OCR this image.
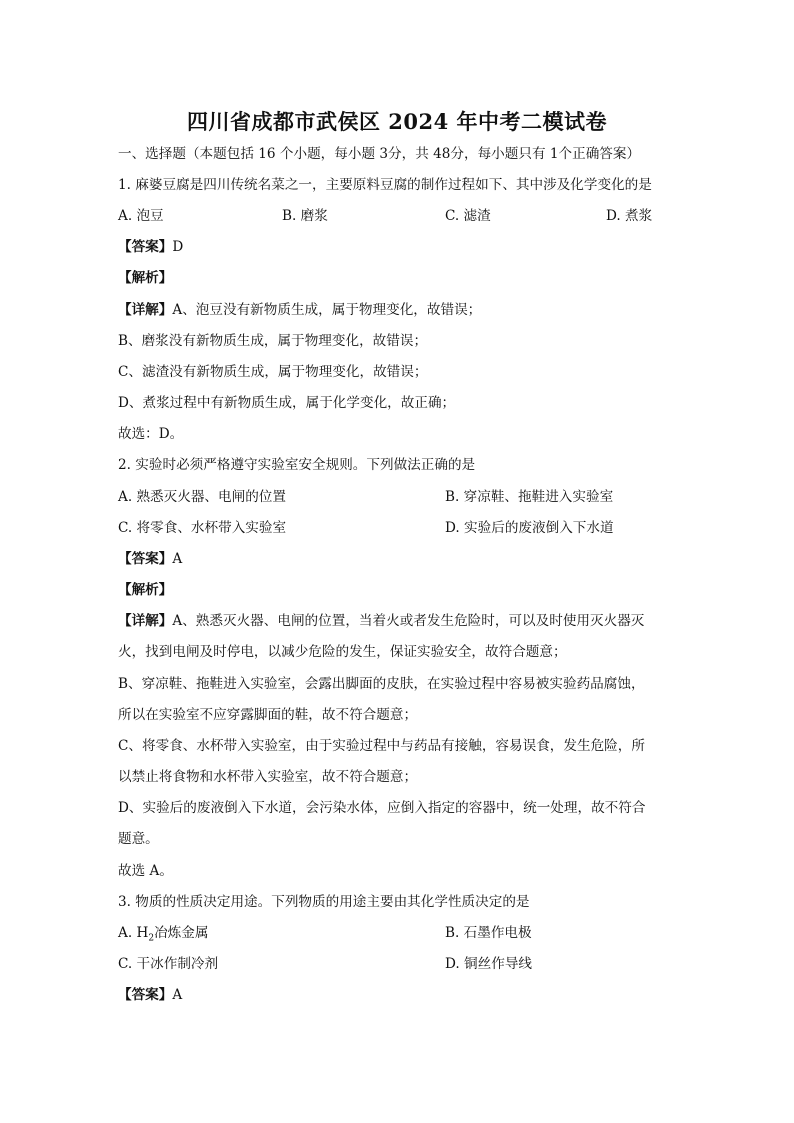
四川省成都市武侯区 2024 年中考二模试卷
一、选择题（本题包括 16 个小题，每小题 3分，共 48分，每小题只有 1个正确答案）
1. 麻婆豆腐是四川传统名菜之一，主要原料豆腐的制作过程如下、其中涉及化学变化的是
A. 泡豆	B. 磨浆	C. 滤渣	D. 煮浆
【答案】D
【解析】
【详解】A、泡豆没有新物质生成，属于物理变化，故错误；
B、磨浆没有新物质生成，属于物理变化，故错误；
C、滤渣没有新物质生成，属于物理变化，故错误；
D、煮浆过程中有新物质生成，属于化学变化，故正确；
故选：D。
2. 实验时必须严格遵守实验室安全规则。下列做法正确的是
A. 熟悉灭火器、电闸的位置	B. 穿凉鞋、拖鞋进入实验室
C. 将零食、水杯带入实验室	D. 实验后的废液倒入下水道
【答案】A
【解析】
【详解】A、熟悉灭火器、电闸的位置，当着火或者发生危险时，可以及时使用灭火器灭
火，找到电闸及时停电，以减少危险的发生，保证实验安全，故符合题意；
B、穿凉鞋、拖鞋进入实验室，会露出脚面的皮肤，在实验过程中容易被实验药品腐蚀，
所以在实验室不应穿露脚面的鞋，故不符合题意；
C、将零食、水杯带入实验室，由于实验过程中与药品有接触，容易误食，发生危险，所
以禁止将食物和水杯带入实验室，故不符合题意；
D、实验后的废液倒入下水道，会污染水体，应倒入指定的容器中，统一处理，故不符合
题意。
故选 A。
3. 物质的性质决定用途。下列物质的用途主要由其化学性质决定的是
A. $H_2$冶炼金属	B. 石墨作电极
C. 干冰作制冷剂	D. 铜丝作导线
【答案】A
